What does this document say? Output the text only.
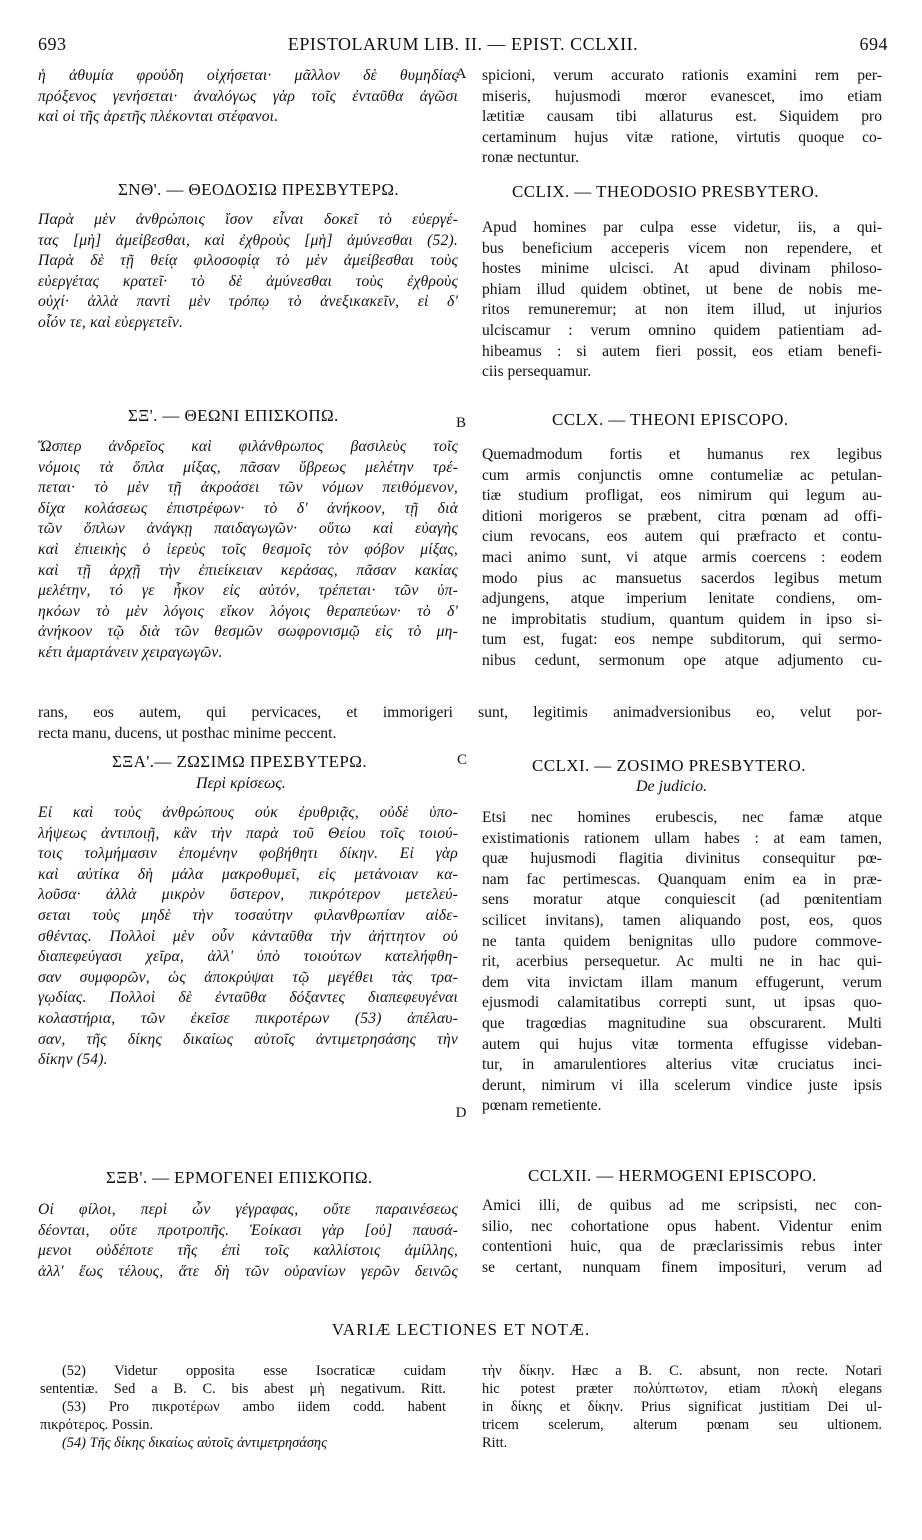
693	EPISTOLARUM LIB. II. — EPIST. CCLXII.	694
A
B
C
D
ἡ ἀθυμία φρούδη οἰχήσεται· μᾶλλον δὲ θυμηδίας
πρόξενος γενήσεται· ἀναλόγως γὰρ τοῖς ἐνταῦθα ἀγῶσι
καὶ οἱ τῆς ἀρετῆς πλέκονται στέφανοι.
spicioni, verum accurato rationis examini rem per-
miseris, hujusmodi mœror evanescet, imo etiam
lætitiæ causam tibi allaturus est. Siquidem pro
certaminum hujus vitæ ratione, virtutis quoque co-
ronæ nectuntur.
ΣΝΘ'. — ΘΕΟΔΟΣΙΩ ΠΡΕΣΒΥΤΕΡΩ.	CCLIX. — THEODOSIO PRESBYTERO.
Παρὰ μὲν ἀνθρώποις ἴσον εἶναι δοκεῖ τὸ εὐεργέ-
τας [μὴ] ἀμείβεσθαι, καὶ ἐχθροὺς [μὴ] ἀμύνεσθαι (52).
Παρὰ δὲ τῇ θείᾳ φιλοσοφίᾳ τὸ μὲν ἀμείβεσθαι τοὺς
εὐεργέτας κρατεῖ· τὸ δὲ ἀμύνεσθαι τοὺς ἐχθροὺς
οὐχί· ἀλλὰ παντὶ μὲν τρόπῳ τὸ ἀνεξικακεῖν, εἰ δ'
οἷόν τε, καὶ εὐεργετεῖν.
Apud homines par culpa esse videtur, iis, a qui-
bus beneficium acceperis vicem non rependere, et
hostes minime ulcisci. At apud divinam philoso-
phiam illud quidem obtinet, ut bene de nobis me-
ritos remuneremur; at non item illud, ut injurios
ulciscamur : verum omnino quidem patientiam ad-
hibeamus : si autem fieri possit, eos etiam benefi-
ciis persequamur.
ΣΞ'. — ΘΕΩΝΙ ΕΠΙΣΚΟΠΩ.	CCLX. — THEONI EPISCOPO.
Ὥσπερ ἀνδρεῖος καὶ φιλάνθρωπος βασιλεὺς τοῖς
νόμοις τὰ ὅπλα μίξας, πᾶσαν ὕβρεως μελέτην τρέ-
πεται· τὸ μὲν τῇ ἀκροάσει τῶν νόμων πειθόμενον,
δίχα κολάσεως ἐπιστρέφων· τὸ δ' ἀνήκοον, τῇ διὰ
τῶν ὅπλων ἀνάγκῃ παιδαγωγῶν· οὕτω καὶ εὐαγὴς
καὶ ἐπιεικὴς ὁ ἱερεὺς τοῖς θεσμοῖς τὸν φόβον μίξας,
καὶ τῇ ἀρχῇ τὴν ἐπιείκειαν κεράσας, πᾶσαν κακίας
μελέτην, τό γε ἧκον εἰς αὐτόν, τρέπεται· τῶν ὑπ-
ηκόων τὸ μὲν λόγοις εἴκον λόγοις θεραπεύων· τὸ δ'
ἀνήκοον τῷ διὰ τῶν θεσμῶν σωφρονισμῷ εἰς τὸ μη-
κέτι ἁμαρτάνειν χειραγωγῶν.
Quemadmodum fortis et humanus rex legibus
cum armis conjunctis omne contumeliæ ac petulan-
tiæ studium profligat, eos nimirum qui legum au-
ditioni morigeros se præbent, citra pœnam ad offi-
cium revocans, eos autem qui præfracto et contu-
maci animo sunt, vi atque armis coercens : eodem
modo pius ac mansuetus sacerdos legibus metum
adjungens, atque imperium lenitate condiens, om-
ne improbitatis studium, quantum quidem in ipso si-
tum est, fugat: eos nempe subditorum, qui sermo-
nibus cedunt, sermonum ope atque adjumento cu-
rans, eos autem, qui pervicaces, et immorigeri sunt, legitimis animadversionibus eo, velut por-
recta manu, ducens, ut posthac minime peccent.
ΣΞΑ'.— ΖΩΣΙΜΩ ΠΡΕΣΒΥΤΕΡΩ.
Περὶ κρίσεως.
CCLXI. — ZOSIMO PRESBYTERO.
De judicio.
Εἰ καὶ τοὺς ἀνθρώπους οὐκ ἐρυθριᾷς, οὐδὲ ὑπο-
λήψεως ἀντιποιῇ, κἂν τὴν παρὰ τοῦ Θείου τοῖς τοιού-
τοις τολμήμασιν ἑπομένην φοβήθητι δίκην. Εἰ γὰρ
καὶ αὐτίκα δὴ μάλα μακροθυμεῖ, εἰς μετάνοιαν κα-
λοῦσα· ἀλλὰ μικρὸν ὕστερον, πικρότερον μετελεύ-
σεται τοὺς μηδὲ τὴν τοσαύτην φιλανθρωπίαν αἰδε-
σθέντας. Πολλοὶ μὲν οὖν κἀνταῦθα τὴν ἀήττητον οὐ
διαπεφεύγασι χεῖρα, ἀλλ' ὑπὸ τοιούτων κατελήφθη-
σαν συμφορῶν, ὡς ἀποκρύψαι τῷ μεγέθει τὰς τρα-
γῳδίας. Πολλοὶ δὲ ἐνταῦθα δόξαντες διαπεφευγέναι
κολαστήρια, τῶν ἐκεῖσε πικροτέρων (53) ἀπέλαυ-
σαν, τῆς δίκης δικαίως αὐτοῖς ἀντιμετρησάσης τὴν
δίκην (54).
Etsi nec homines erubescis, nec famæ atque
existimationis rationem ullam habes : at eam tamen,
quæ hujusmodi flagitia divinitus consequitur pœ-
nam fac pertimescas. Quanquam enim ea in præ-
sens moratur atque conquiescit (ad pœnitentiam
scilicet invitans), tamen aliquando post, eos, quos
ne tanta quidem benignitas ullo pudore commove-
rit, acerbius persequetur. Ac multi ne in hac qui-
dem vita invictam illam manum effugerunt, verum
ejusmodi calamitatibus correpti sunt, ut ipsas quo-
que tragœdias magnitudine sua obscurarent. Multi
autem qui hujus vitæ tormenta effugisse videban-
tur, in amarulentiores alterius vitæ cruciatus inci-
derunt, nimirum vi illa scelerum vindice juste ipsis
pœnam remetiente.
ΣΞΒ'. — ΕΡΜΟΓΕΝΕΙ ΕΠΙΣΚΟΠΩ.	CCLXII. — HERMOGENI EPISCOPO.
Οἱ φίλοι, περὶ ὧν γέγραφας, οὔτε παραινέσεως
δέονται, οὔτε προτροπῆς. Ἐοίκασι γὰρ [οὐ] παυσά-
μενοι οὐδέποτε τῆς ἐπὶ τοῖς καλλίστοις ἁμίλλης,
ἀλλ' ἕως τέλους, ἅτε δὴ τῶν οὐρανίων γερῶν δεινῶς
Amici illi, de quibus ad me scripsisti, nec con-
silio, nec cohortatione opus habent. Videntur enim
contentioni huic, qua de præclarissimis rebus inter
se certant, nunquam finem impositurі, verum ad
VARIÆ LECTIONES ET NOTÆ.
(52) Videtur opposita esse Isocraticæ cuidam
sententiæ. Sed a B. C. bis abest μὴ negativum. Ritt.
(53) Pro πικροτέρων ambo iidem codd. habent
πικρότερος. Possin.
(54) Τῆς δίκης δικαίως αὐτοῖς ἀντιμετρησάσης
τὴν δίκην. Hæc a B. C. absunt, non recte. Notari
hic potest præter πολύπτωτον, etiam πλοκὴ elegans
in δίκης et δίκην. Prius significat justitiam Dei ul-
tricem scelerum, alterum pœnam seu ultionem.
Ritt.
